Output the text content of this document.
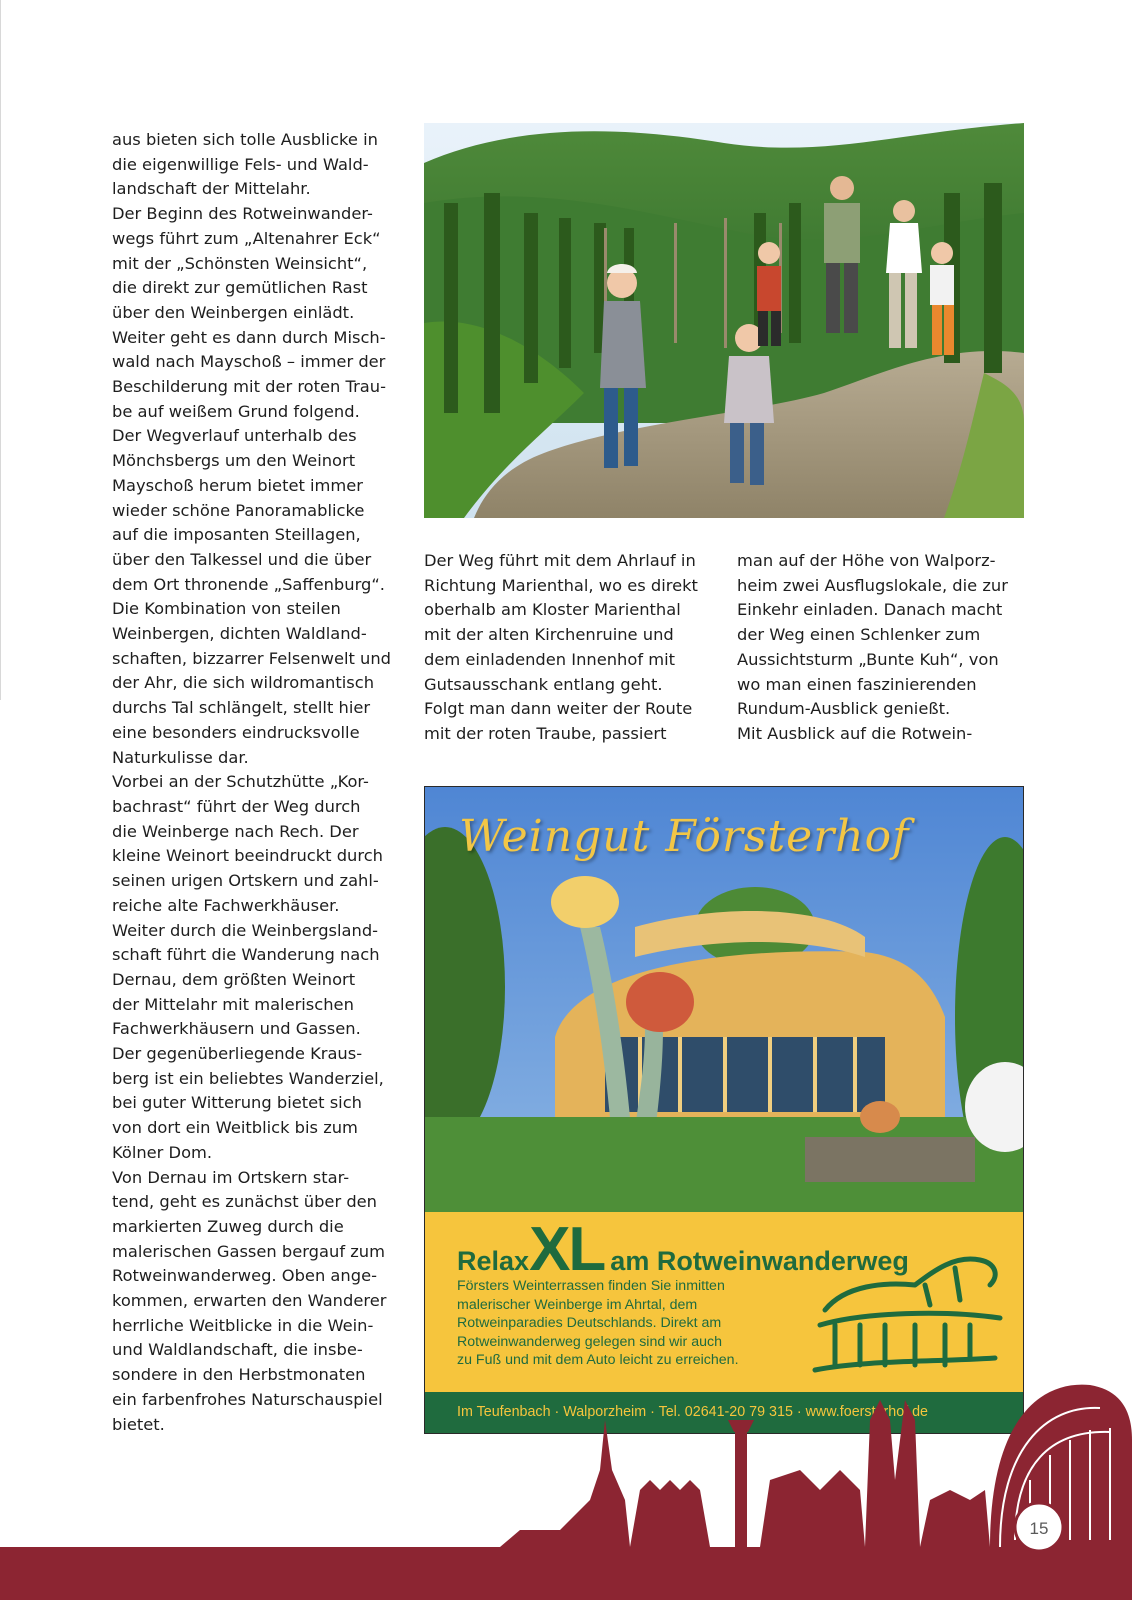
aus bieten sich tolle Ausblicke in
die eigenwillige Fels- und Wald-
landschaft der Mittelahr.

Der Beginn des Rotweinwander-
wegs führt zum „Altenahrer Eck“
mit der „Schönsten Weinsicht“,
die direkt zur gemütlichen Rast
über den Weinbergen einlädt.
Weiter geht es dann durch Misch-
wald nach Mayschoß – immer der
Beschilderung mit der roten Trau-
be auf weißem Grund folgend.

Der Wegverlauf unterhalb des
Mönchsbergs um den Weinort
Mayschoß herum bietet immer
wieder schöne Panoramablicke
auf die imposanten Steillagen,
über den Talkessel und die über
dem Ort thronende „Saffenburg“.
Die Kombination von steilen
Weinbergen, dichten Waldland-
schaften, bizzarrer Felsenwelt und
der Ahr, die sich wildromantisch
durchs Tal schlängelt, stellt hier
eine besonders eindrucksvolle
Naturkulisse dar.

Vorbei an der Schutzhütte „Kor-
bachrast“ führt der Weg durch
die Weinberge nach Rech. Der
kleine Weinort beeindruckt durch
seinen urigen Ortskern und zahl-
reiche alte Fachwerkhäuser.
Weiter durch die Weinbergsland-
schaft führt die Wanderung nach
Dernau, dem größten Weinort
der Mittelahr mit malerischen
Fachwerkhäusern und Gassen.
Der gegenüberliegende Kraus-
berg ist ein beliebtes Wanderziel,
bei guter Witterung bietet sich
von dort ein Weitblick bis zum
Kölner Dom.

Von Dernau im Ortskern star-
tend, geht es zunächst über den
markierten Zuweg durch die
malerischen Gassen bergauf zum
Rotweinwanderweg. Oben ange-
kommen, erwarten den Wanderer
herrliche Weitblicke in die Wein-
und Waldlandschaft, die insbe-
sondere in den Herbstmonaten
ein farbenfrohes Naturschauspiel
bietet.

Der Weg führt mit dem Ahrlauf in
Richtung Marienthal, wo es direkt
oberhalb am Kloster Marienthal
mit der alten Kirchenruine und
dem einladenden Innenhof mit
Gutsausschank entlang geht.
Folgt man dann weiter der Route
mit der roten Traube, passiert

man auf der Höhe von Walporz-
heim zwei Ausflugslokale, die zur
Einkehr einladen. Danach macht
der Weg einen Schlenker zum
Aussichtsturm „Bunte Kuh“, von
wo man einen faszinierenden
Rundum-Ausblick genießt.

Mit Ausblick auf die Rotwein-

Weingut Försterhof
RelaxXL am Rotweinwanderweg
Försters Weinterrassen finden Sie inmitten
malerischer Weinberge im Ahrtal, dem
Rotweinparadies Deutschlands. Direkt am
Rotweinwanderweg gelegen sind wir auch
zu Fuß und mit dem Auto leicht zu erreichen.
Im Teufenbach · Walporzheim · Tel. 02641-20 79 315 · www.foersterhof.de
15
